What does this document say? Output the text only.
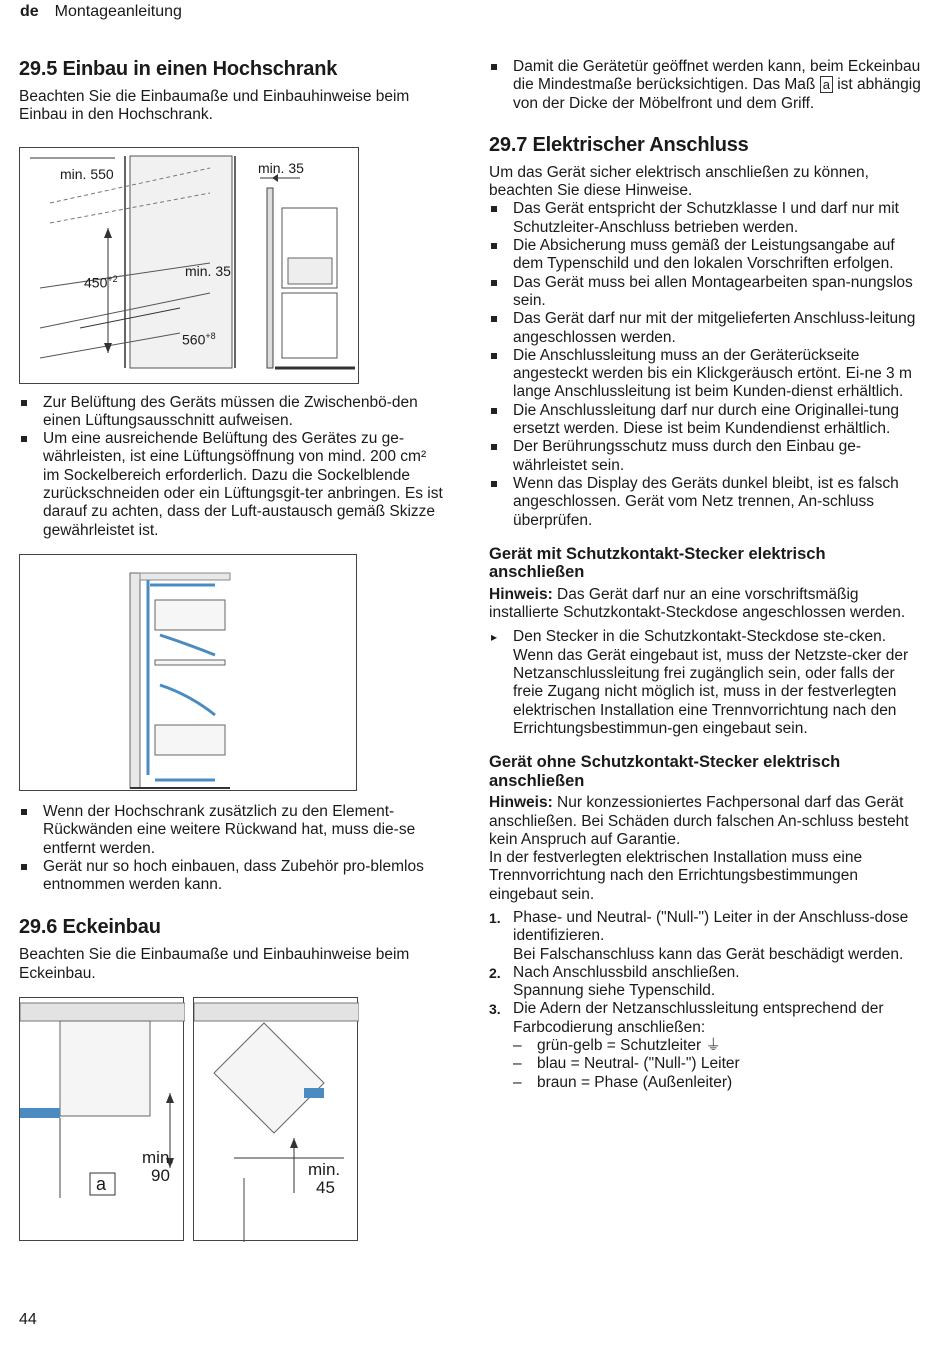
de Montageanleitung
29.5 Einbau in einen Hochschrank

Beachten Sie die Einbaumaße und Einbauhinweise beim Einbau in den Hochschrank.

min. 550	min. 35
min. 35
$450^{+2}$
$560^{+8}$
Zur Belüftung des Geräts müssen die Zwischenbö-den einen Lüftungsausschnitt aufweisen.
Um eine ausreichende Belüftung des Gerätes zu ge-währleisten, ist eine Lüftungsöffnung von mind. 200 cm² im Sockelbereich erforderlich. Dazu die Sockelblende zurückschneiden oder ein Lüftungsgit-ter anbringen. Es ist darauf zu achten, dass der Luft-austausch gemäß Skizze gewährleistet ist.
Wenn der Hochschrank zusätzlich zu den Element-Rückwänden eine weitere Rückwand hat, muss die-se entfernt werden.
Gerät nur so hoch einbauen, dass Zubehör pro-blemlos entnommen werden kann.
29.6 Eckeinbau

Beachten Sie die Einbaumaße und Einbauhinweise beim Eckeinbau.

min.
90
a
min.
45
Damit die Gerätetür geöffnet werden kann, beim Eckeinbau die Mindestmaße berücksichtigen. Das Maß a ist abhängig von der Dicke der Möbelfront und dem Griff.
29.7 Elektrischer Anschluss

Um das Gerät sicher elektrisch anschließen zu können, beachten Sie diese Hinweise.

Das Gerät entspricht der Schutzklasse I und darf nur mit Schutzleiter-Anschluss betrieben werden.
Die Absicherung muss gemäß der Leistungsangabe auf dem Typenschild und den lokalen Vorschriften erfolgen.
Das Gerät muss bei allen Montagearbeiten span-nungslos sein.
Das Gerät darf nur mit der mitgelieferten Anschluss-leitung angeschlossen werden.
Die Anschlussleitung muss an der Geräterückseite angesteckt werden bis ein Klickgeräusch ertönt. Ei-ne 3 m lange Anschlussleitung ist beim Kunden-dienst erhältlich.
Die Anschlussleitung darf nur durch eine Originallei-tung ersetzt werden. Diese ist beim Kundendienst erhältlich.
Der Berührungsschutz muss durch den Einbau ge-währleistet sein.
Wenn das Display des Geräts dunkel bleibt, ist es falsch angeschlossen. Gerät vom Netz trennen, An-schluss überprüfen.
Gerät mit Schutzkontakt-Stecker elektrisch anschließen

Hinweis: Das Gerät darf nur an eine vorschriftsmäßig installierte Schutzkontakt-Steckdose angeschlossen werden.

▸ Den Stecker in die Schutzkontakt-Steckdose ste-cken.
Wenn das Gerät eingebaut ist, muss der Netzste-cker der Netzanschlussleitung frei zugänglich sein, oder falls der freie Zugang nicht möglich ist, muss in der festverlegten elektrischen Installation eine Trennvorrichtung nach den Errichtungsbestimmun-gen eingebaut sein.
Gerät ohne Schutzkontakt-Stecker elektrisch anschließen

Hinweis: Nur konzessioniertes Fachpersonal darf das Gerät anschließen. Bei Schäden durch falschen An-schluss besteht kein Anspruch auf Garantie.

In der festverlegten elektrischen Installation muss eine Trennvorrichtung nach den Errichtungsbestimmungen eingebaut sein.

1. Phase- und Neutral- ("Null-") Leiter in der Anschluss-dose identifizieren.
Bei Falschanschluss kann das Gerät beschädigt werden.
2. Nach Anschlussbild anschließen.
Spannung siehe Typenschild.
3. Die Adern der Netzanschlussleitung entsprechend der Farbcodierung anschließen:
– grün-gelb = Schutzleiter ⏚
– blau = Neutral- ("Null-") Leiter
– braun = Phase (Außenleiter)
44
